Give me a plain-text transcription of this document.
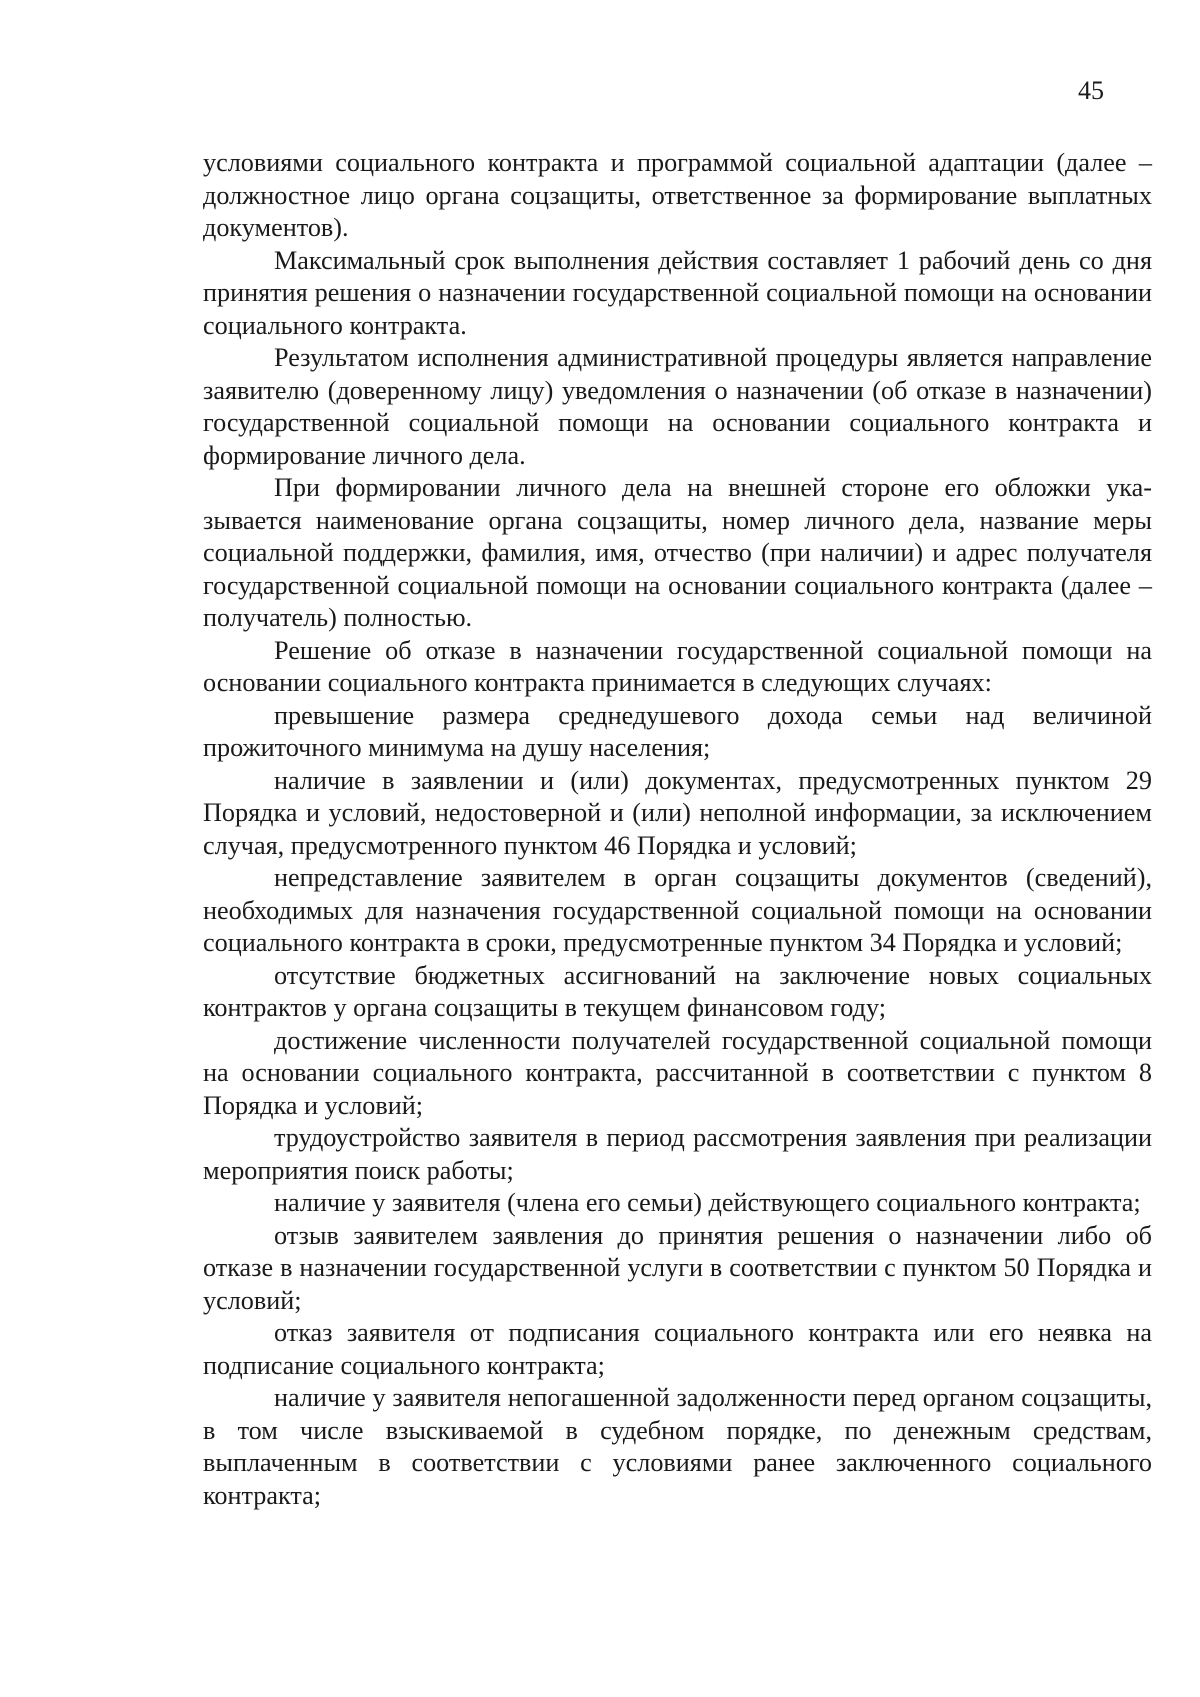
45

условиями социального контракта и программой социальной адаптации (далее – должностное лицо органа соцзащиты, ответственное за формирование выплатных документов).

Максимальный срок выполнения действия составляет 1 рабочий день со дня принятия решения о назначении государственной социальной помощи на основании социального контракта.

Результатом исполнения административной процедуры является направление заявителю (доверенному лицу) уведомления о назначении (об отказе в назначении) государственной социальной помощи на основании социального контракта и формирование личного дела.

При формировании личного дела на внешней стороне его обложки указывается наименование органа соцзащиты, номер личного дела, название меры социальной поддержки, фамилия, имя, отчество (при наличии) и адрес получателя государственной социальной помощи на основании социального контракта (далее – получатель) полностью.

Решение об отказе в назначении государственной социальной помощи на основании социального контракта принимается в следующих случаях:

превышение размера среднедушевого дохода семьи над величиной прожиточного минимума на душу населения;

наличие в заявлении и (или) документах, предусмотренных пунктом 29 Порядка и условий, недостоверной и (или) неполной информации, за исключением случая, предусмотренного пунктом 46 Порядка и условий;

непредставление заявителем в орган соцзащиты документов (сведений), необходимых для назначения государственной социальной помощи на основании социального контракта в сроки, предусмотренные пунктом 34 Порядка и условий;

отсутствие бюджетных ассигнований на заключение новых социальных контрактов у органа соцзащиты в текущем финансовом году;

достижение численности получателей государственной социальной помощи на основании социального контракта, рассчитанной в соответствии с пунктом 8 Порядка и условий;

трудоустройство заявителя в период рассмотрения заявления при реализации мероприятия поиск работы;

наличие у заявителя (члена его семьи) действующего социального контракта;

отзыв заявителем заявления до принятия решения о назначении либо об отказе в назначении государственной услуги в соответствии с пунктом 50 Порядка и условий;

отказ заявителя от подписания социального контракта или его неявка на подписание социального контракта;

наличие у заявителя непогашенной задолженности перед органом соцзащиты, в том числе взыскиваемой в судебном порядке, по денежным средствам, выплаченным в соответствии с условиями ранее заключенного социального контракта;
